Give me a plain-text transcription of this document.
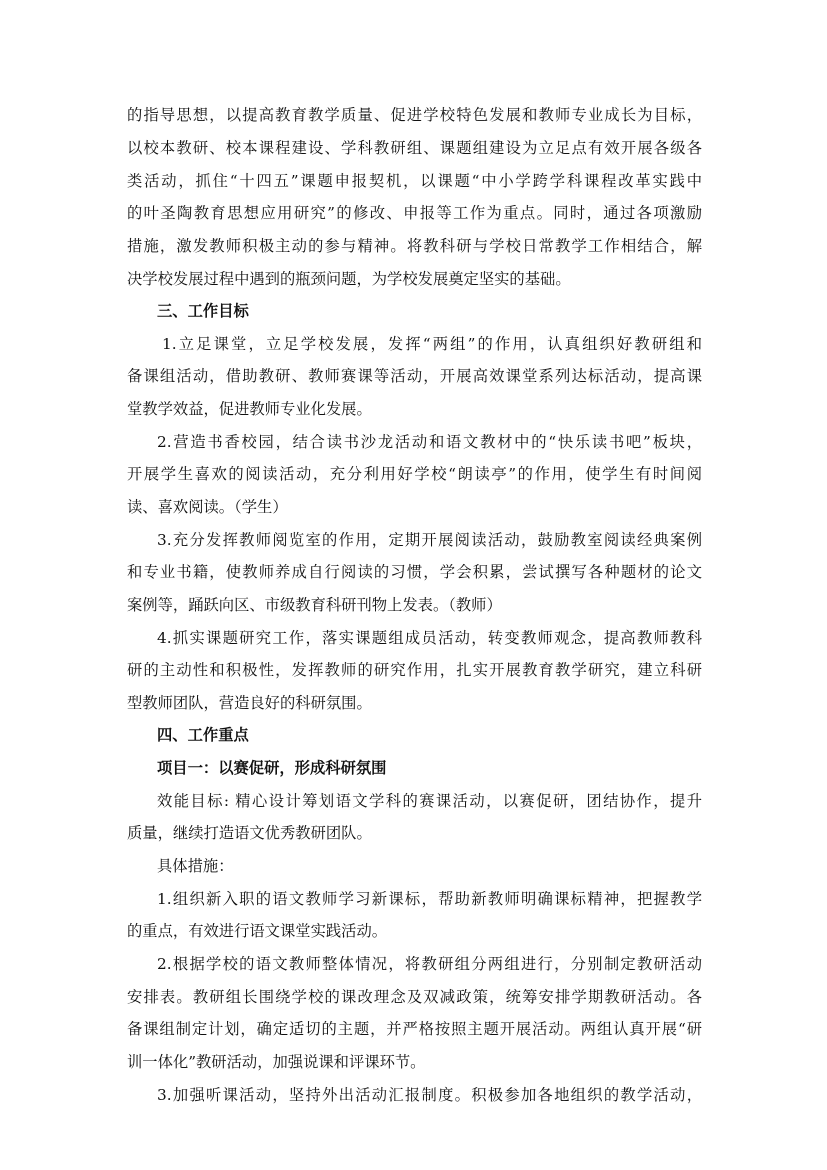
的指导思想，以提高教育教学质量、促进学校特色发展和教师专业成长为目标，
以校本教研、校本课程建设、学科教研组、课题组建设为立足点有效开展各级各
类活动，抓住“十四五”课题申报契机，以课题“中小学跨学科课程改革实践中
的叶圣陶教育思想应用研究”的修改、申报等工作为重点。同时，通过各项激励
措施，激发教师积极主动的参与精神。将教科研与学校日常教学工作相结合，解
决学校发展过程中遇到的瓶颈问题，为学校发展奠定坚实的基础。
三、工作目标
1.立足课堂，立足学校发展，发挥“两组”的作用，认真组织好教研组和
备课组活动，借助教研、教师赛课等活动，开展高效课堂系列达标活动，提高课
堂教学效益，促进教师专业化发展。
2.营造书香校园，结合读书沙龙活动和语文教材中的“快乐读书吧”板块，
开展学生喜欢的阅读活动，充分利用好学校“朗读亭”的作用，使学生有时间阅
读、喜欢阅读。（学生）
3.充分发挥教师阅览室的作用，定期开展阅读活动，鼓励教室阅读经典案例
和专业书籍，使教师养成自行阅读的习惯，学会积累，尝试撰写各种题材的论文
案例等，踊跃向区、市级教育科研刊物上发表。（教师）
4.抓实课题研究工作，落实课题组成员活动，转变教师观念，提高教师教科
研的主动性和积极性，发挥教师的研究作用，扎实开展教育教学研究，建立科研
型教师团队，营造良好的科研氛围。
四、工作重点
项目一：以赛促研，形成科研氛围
效能目标: 精心设计筹划语文学科的赛课活动，以赛促研，团结协作，提升
质量，继续打造语文优秀教研团队。
具体措施：
1.组织新入职的语文教师学习新课标，帮助新教师明确课标精神，把握教学
的重点，有效进行语文课堂实践活动。
2.根据学校的语文教师整体情况，将教研组分两组进行，分别制定教研活动
安排表。教研组长围绕学校的课改理念及双减政策，统筹安排学期教研活动。各
备课组制定计划，确定适切的主题，并严格按照主题开展活动。两组认真开展“研
训一体化”教研活动，加强说课和评课环节。
3.加强听课活动，坚持外出活动汇报制度。积极参加各地组织的教学活动，
